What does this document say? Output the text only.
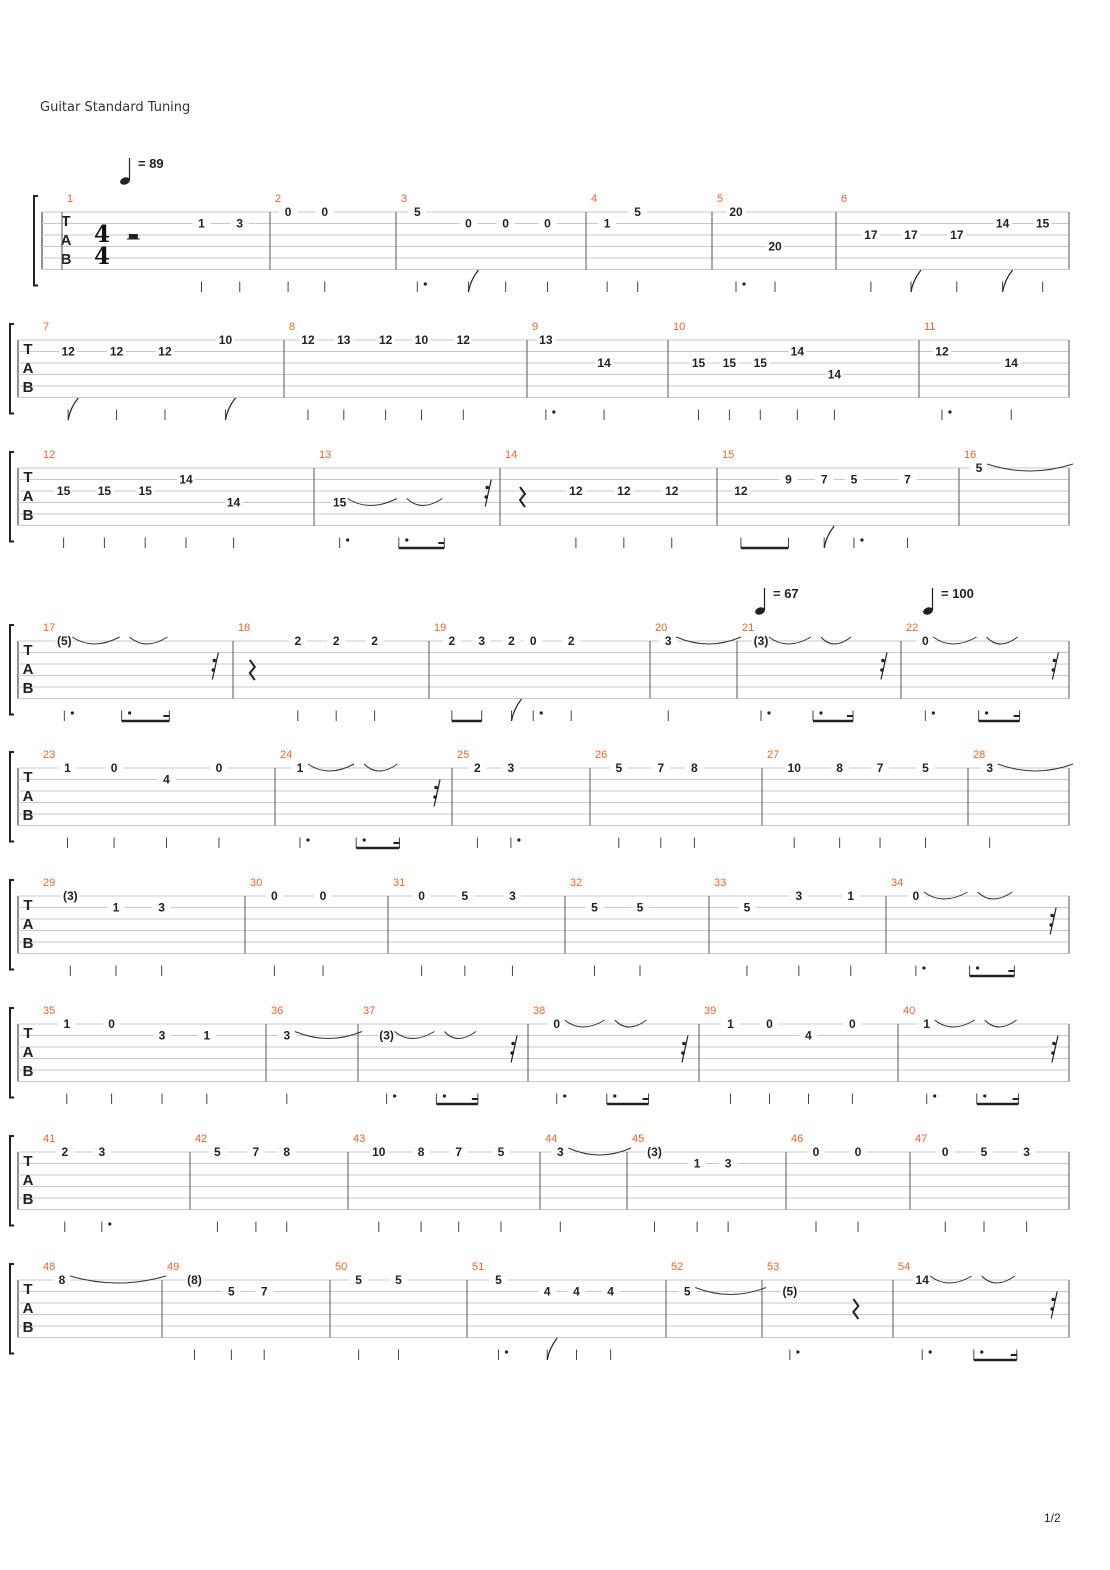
Guitar Standard Tuning
T
A
B
4
4
1
1	3
2
0 0
3
5
0	0	0
4
1
5
5
20
20
6
17 17	17
14 15
T
A
B
7
12	12	12
10
8
12 13 12 10 12
9
13
14
10
15 15 15
14
14
11
12
14
T
A
B
12
15 15 15
14
14
13
15
14
12	12	12
15
12
9 7 5	7
16
5
T
A
B
17
(5)
18
2	2	2
19
2 3 2 0	2
20
3
21
(3)
22
0
T
A
B
23
1	0
4
0
24
1
25
2 3
26
5	7 8
27
10	8	7	5
28
3
T
A
B
29
(3)
1	3
30
0	0
31
0	5	3
32
5	5
33
5
3	1
34
0
T
A
B
35
1	0
3	1
36
3
37
(3)
38
0
39
1	0
4
0
40
1
T
A
B
41
2	3
42
5	7 8
43
10	8	7	5
44
3
45
(3)
1 3
46
0	0
47
0	5	3
T
A
B
48
8
49
(8)
5 7
50
5	5
51
5
4 4 4
52
5
53
(5)
54
14
= 89
= 67	= 100
1/2
